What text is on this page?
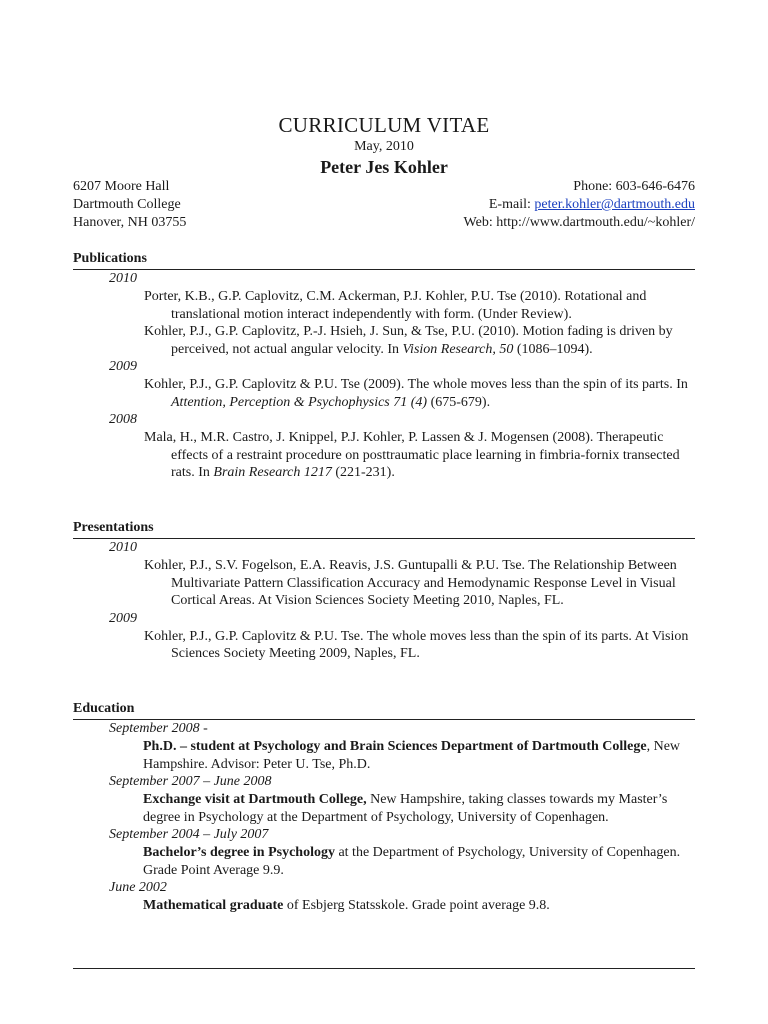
CURRICULUM VITAE
May, 2010
Peter Jes Kohler
6207 Moore Hall	Phone: 603-646-6476
Dartmouth College	E-mail: peter.kohler@dartmouth.edu
Hanover, NH 03755	Web: http://www.dartmouth.edu/~kohler/
Publications
2010
Porter, K.B., G.P. Caplovitz, C.M. Ackerman, P.J. Kohler, P.U. Tse (2010). Rotational and translational motion interact independently with form. (Under Review).
Kohler, P.J., G.P. Caplovitz, P.-J. Hsieh, J. Sun, & Tse, P.U. (2010). Motion fading is driven by perceived, not actual angular velocity. In Vision Research, 50 (1086–1094).
2009
Kohler, P.J., G.P. Caplovitz & P.U. Tse (2009). The whole moves less than the spin of its parts. In Attention, Perception & Psychophysics 71 (4) (675-679).
2008
Mala, H., M.R. Castro, J. Knippel, P.J. Kohler, P. Lassen & J. Mogensen (2008). Therapeutic effects of a restraint procedure on posttraumatic place learning in fimbria-fornix transected rats. In Brain Research 1217 (221-231).
Presentations
2010
Kohler, P.J., S.V. Fogelson, E.A. Reavis, J.S. Guntupalli & P.U. Tse. The Relationship Between Multivariate Pattern Classification Accuracy and Hemodynamic Response Level in Visual Cortical Areas. At Vision Sciences Society Meeting 2010, Naples, FL.
2009
Kohler, P.J., G.P. Caplovitz & P.U. Tse. The whole moves less than the spin of its parts. At Vision Sciences Society Meeting 2009, Naples, FL.
Education
September 2008 -
Ph.D. – student at Psychology and Brain Sciences Department of Dartmouth College, New Hampshire. Advisor: Peter U. Tse, Ph.D.
September 2007 – June 2008
Exchange visit at Dartmouth College, New Hampshire, taking classes towards my Master’s degree in Psychology at the Department of Psychology, University of Copenhagen.
September 2004 – July 2007
Bachelor’s degree in Psychology at the Department of Psychology, University of Copenhagen. Grade Point Average 9.9.
June 2002
Mathematical graduate of Esbjerg Statsskole. Grade point average 9.8.
